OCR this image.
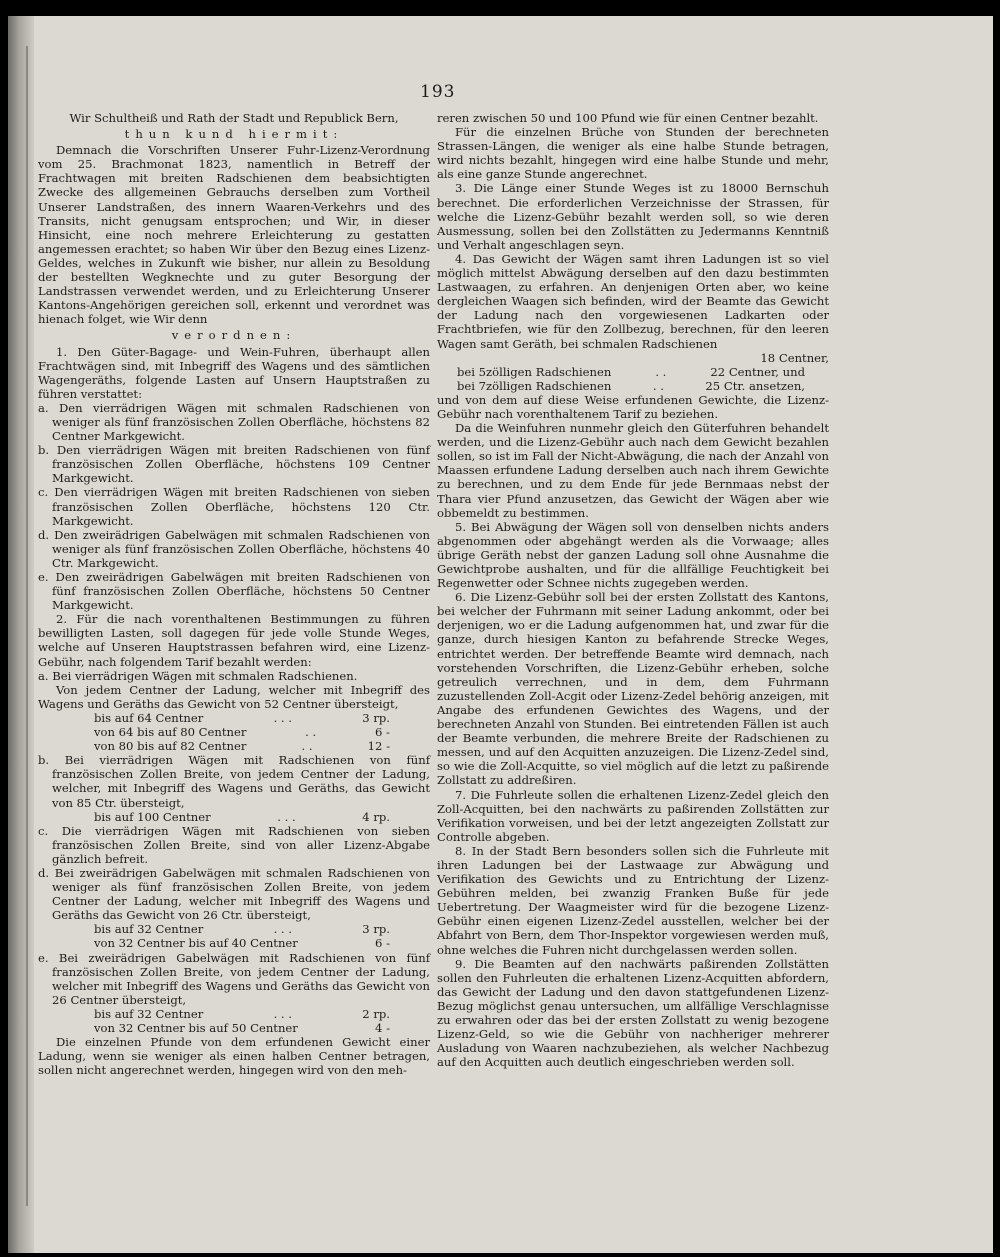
193
Wir Schultheiß und Rath der Stadt und Republick Bern,
thun kund hiermit:
Demnach die Vorschriften Unserer Fuhr-Lizenz-Verordnung vom 25. Brachmonat 1823, namentlich in Betreff der Frachtwagen mit breiten Radschienen dem beabsichtigten Zwecke des allgemeinen Gebrauchs derselben zum Vortheil Unserer Landstraßen, des innern Waaren-Verkehrs und des Transits, nicht genugsam entsprochen; und Wir, in dieser Hinsicht, eine noch mehrere Erleichterung zu gestatten angemessen erachtet; so haben Wir über den Bezug eines Lizenz-Geldes, welches in Zukunft wie bisher, nur allein zu Besoldung der bestellten Wegknechte und zu guter Besorgung der Landstrassen verwendet werden, und zu Erleichterung Unserer Kantons-Angehörigen gereichen soll, erkennt und verordnet was hienach folget, wie Wir denn
verordnen:
1. Den Güter-Bagage- und Wein-Fuhren, überhaupt allen Frachtwägen sind, mit Inbegriff des Wagens und des sämtlichen Wagengeräths, folgende Lasten auf Unsern Hauptstraßen zu führen verstattet:
a. Den vierrädrigen Wägen mit schmalen Radschienen von weniger als fünf französischen Zollen Oberfläche, höchstens 82 Centner Markgewicht.
b. Den vierrädrigen Wägen mit breiten Radschienen von fünf französischen Zollen Oberfläche, höchstens 109 Centner Markgewicht.
c. Den vierrädrigen Wägen mit breiten Radschienen von sieben französischen Zollen Oberfläche, höchstens 120 Ctr. Markgewicht.
d. Den zweirädrigen Gabelwägen mit schmalen Radschienen von weniger als fünf französischen Zollen Oberfläche, höchstens 40 Ctr. Markgewicht.
e. Den zweirädrigen Gabelwägen mit breiten Radschienen von fünf französischen Zollen Oberfläche, höchstens 50 Centner Markgewicht.
2. Für die nach vorenthaltenen Bestimmungen zu führen bewilligten Lasten, soll dagegen für jede volle Stunde Weges, welche auf Unseren Hauptstrassen befahren wird, eine Lizenz-Gebühr, nach folgendem Tarif bezahlt werden:
a. Bei vierrädrigen Wägen mit schmalen Radschienen.
Von jedem Centner der Ladung, welcher mit Inbegriff des Wagens und Geräths das Gewicht von 52 Centner übersteigt,
bis auf 64 Centner	. . .	3 rp.
von 64 bis auf 80 Centner	. .	6 -
von 80 bis auf 82 Centner	. .	12 -
b. Bei vierrädrigen Wägen mit Radschienen von fünf französischen Zollen Breite, von jedem Centner der Ladung, welcher, mit Inbegriff des Wagens und Geräths, das Gewicht von 85 Ctr. übersteigt,
bis auf 100 Centner	. . .	4 rp.
c. Die vierrädrigen Wägen mit Radschienen von sieben französischen Zollen Breite, sind von aller Lizenz-Abgabe gänzlich befreit.
d. Bei zweirädrigen Gabelwägen mit schmalen Radschienen von weniger als fünf französischen Zollen Breite, von jedem Centner der Ladung, welcher mit Inbegriff des Wagens und Geräths das Gewicht von 26 Ctr. übersteigt,
bis auf 32 Centner	. . .	3 rp.
von 32 Centner bis auf 40 Centner	6 -
e. Bei zweirädrigen Gabelwägen mit Radschienen von fünf französischen Zollen Breite, von jedem Centner der Ladung, welcher mit Inbegriff des Wagens und Geräths das Gewicht von 26 Centner übersteigt,
bis auf 32 Centner	. . .	2 rp.
von 32 Centner bis auf 50 Centner	4 -
Die einzelnen Pfunde von dem erfundenen Gewicht einer Ladung, wenn sie weniger als einen halben Centner betragen, sollen nicht angerechnet werden, hingegen wird von den meh-
reren zwischen 50 und 100 Pfund wie für einen Centner bezahlt.
Für die einzelnen Brüche von Stunden der berechneten Strassen-Längen, die weniger als eine halbe Stunde betragen, wird nichts bezahlt, hingegen wird eine halbe Stunde und mehr, als eine ganze Stunde angerechnet.
3. Die Länge einer Stunde Weges ist zu 18000 Bernschuh berechnet. Die erforderlichen Verzeichnisse der Strassen, für welche die Lizenz-Gebühr bezahlt werden soll, so wie deren Ausmessung, sollen bei den Zollstätten zu Jedermanns Kenntniß und Verhalt angeschlagen seyn.
4. Das Gewicht der Wägen samt ihren Ladungen ist so viel möglich mittelst Abwägung derselben auf den dazu bestimmten Lastwaagen, zu erfahren. An denjenigen Orten aber, wo keine dergleichen Waagen sich befinden, wird der Beamte das Gewicht der Ladung nach den vorgewiesenen Ladkarten oder Frachtbriefen, wie für den Zollbezug, berechnen, für den leeren Wagen samt Geräth, bei schmalen Radschienen
18 Centner,
bei 5zölligen Radschienen	. .	22 Centner, und
bei 7zölligen Radschienen	. .	25 Ctr. ansetzen,
und von dem auf diese Weise erfundenen Gewichte, die Lizenz-Gebühr nach vorenthaltenem Tarif zu beziehen.
Da die Weinfuhren nunmehr gleich den Güterfuhren behandelt werden, und die Lizenz-Gebühr auch nach dem Gewicht bezahlen sollen, so ist im Fall der Nicht-Abwägung, die nach der Anzahl von Maassen erfundene Ladung derselben auch nach ihrem Gewichte zu berechnen, und zu dem Ende für jede Bernmaas nebst der Thara vier Pfund anzusetzen, das Gewicht der Wägen aber wie obbemeldt zu bestimmen.
5. Bei Abwägung der Wägen soll von denselben nichts anders abgenommen oder abgehängt werden als die Vorwaage; alles übrige Geräth nebst der ganzen Ladung soll ohne Ausnahme die Gewichtprobe aushalten, und für die allfällige Feuchtigkeit bei Regenwetter oder Schnee nichts zugegeben werden.
6. Die Lizenz-Gebühr soll bei der ersten Zollstatt des Kantons, bei welcher der Fuhrmann mit seiner Ladung ankommt, oder bei derjenigen, wo er die Ladung aufgenommen hat, und zwar für die ganze, durch hiesigen Kanton zu befahrende Strecke Weges, entrichtet werden. Der betreffende Beamte wird demnach, nach vorstehenden Vorschriften, die Lizenz-Gebühr erheben, solche getreulich verrechnen, und in dem, dem Fuhrmann zuzustellenden Zoll-Acgit oder Lizenz-Zedel behörig anzeigen, mit Angabe des erfundenen Gewichtes des Wagens, und der berechneten Anzahl von Stunden. Bei eintretenden Fällen ist auch der Beamte verbunden, die mehrere Breite der Radschienen zu messen, und auf den Acquitten anzuzeigen. Die Lizenz-Zedel sind, so wie die Zoll-Acquitte, so viel möglich auf die letzt zu paßirende Zollstatt zu addreßiren.
7. Die Fuhrleute sollen die erhaltenen Lizenz-Zedel gleich den Zoll-Acquitten, bei den nachwärts zu paßirenden Zollstätten zur Verifikation vorweisen, und bei der letzt angezeigten Zollstatt zur Controlle abgeben.
8. In der Stadt Bern besonders sollen sich die Fuhrleute mit ihren Ladungen bei der Lastwaage zur Abwägung und Verifikation des Gewichts und zu Entrichtung der Lizenz-Gebühren melden, bei zwanzig Franken Buße für jede Uebertretung. Der Waagmeister wird für die bezogene Lizenz-Gebühr einen eigenen Lizenz-Zedel ausstellen, welcher bei der Abfahrt von Bern, dem Thor-Inspektor vorgewiesen werden muß, ohne welches die Fuhren nicht durchgelassen werden sollen.
9. Die Beamten auf den nachwärts paßirenden Zollstätten sollen den Fuhrleuten die erhaltenen Lizenz-Acquitten abfordern, das Gewicht der Ladung und den davon stattgefundenen Lizenz-Bezug möglichst genau untersuchen, um allfällige Verschlagnisse zu erwahren oder das bei der ersten Zollstatt zu wenig bezogene Lizenz-Geld, so wie die Gebühr von nachheriger mehrerer Ausladung von Waaren nachzubeziehen, als welcher Nachbezug auf den Acquitten auch deutlich eingeschrieben werden soll.
